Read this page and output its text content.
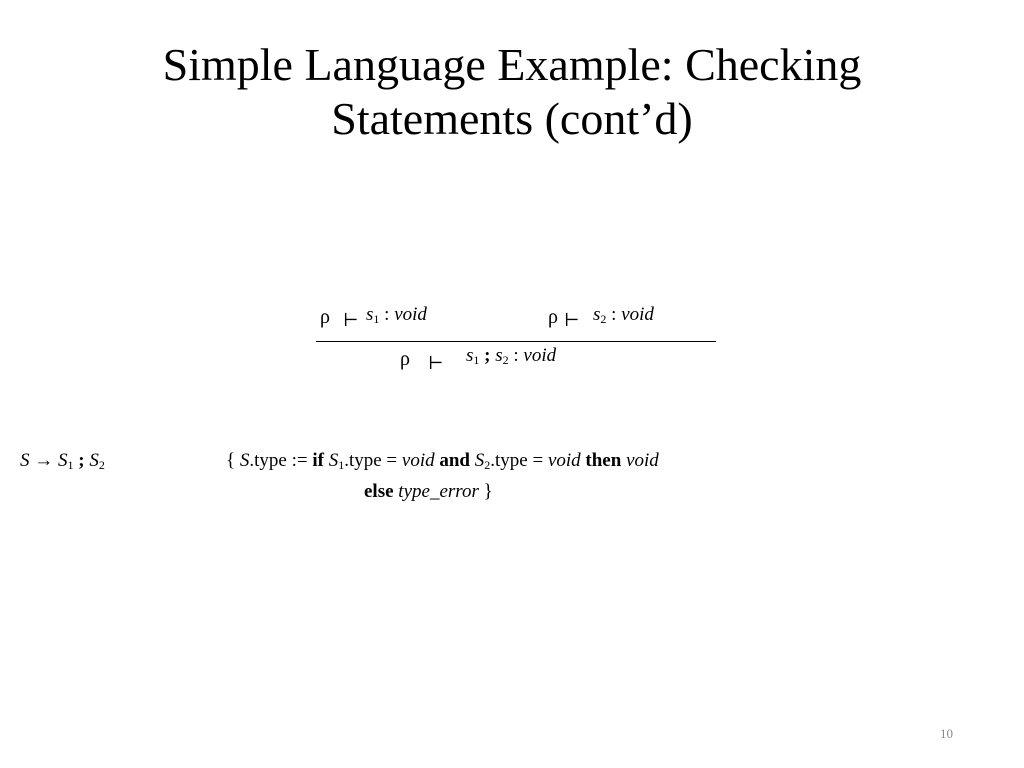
Simple Language Example: Checking
Statements (cont’d)
ρ ⊢ $s_1$ : void	ρ ⊢ $s_2$ : void
ρ ⊢ $s_1$ ; $s_2$ : void
$S \to S_1$ ; $S_2$	{ S.type := if $S_1.type$ = void and $S_2.type$ = void then void
else type_error }
10
